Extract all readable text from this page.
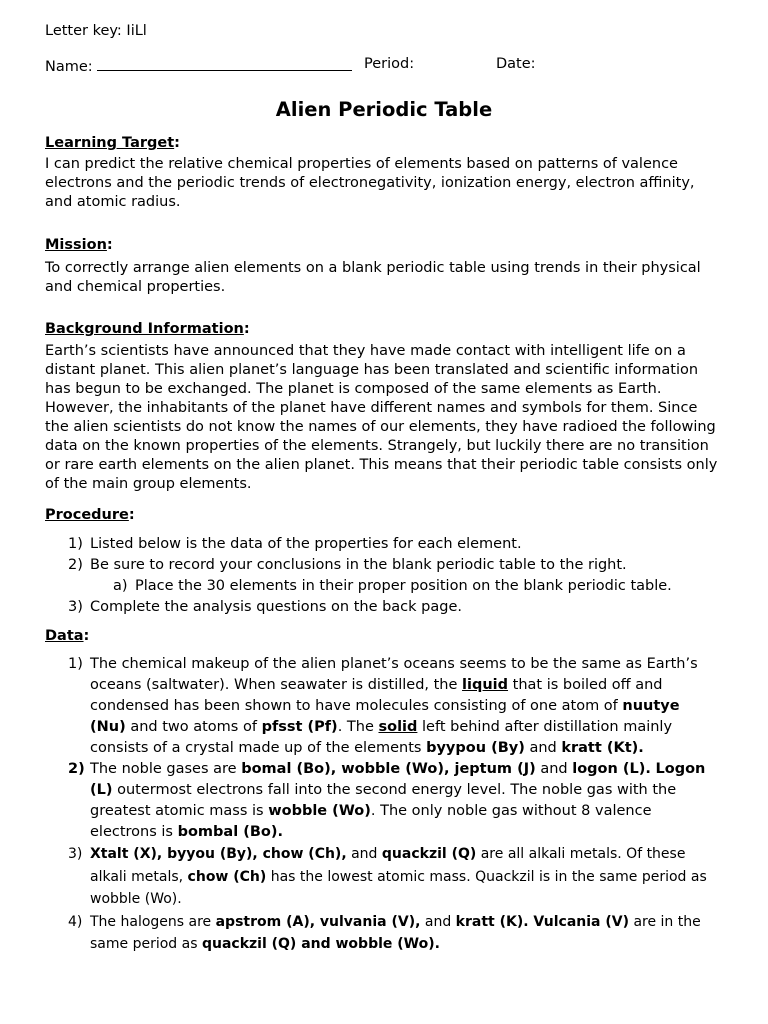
Letter key: IiLl
Name:	Period:	Date:
Alien Periodic Table
Learning Target:
I can predict the relative chemical properties of elements based on patterns of valence electrons and the periodic trends of electronegativity, ionization energy, electron affinity, and atomic radius.
Mission:
To correctly arrange alien elements on a blank periodic table using trends in their physical and chemical properties.
Background Information:
Earth’s scientists have announced that they have made contact with intelligent life on a distant planet. This alien planet’s language has been translated and scientific information has begun to be exchanged. The planet is composed of the same elements as Earth. However, the inhabitants of the planet have different names and symbols for them. Since the alien scientists do not know the names of our elements, they have radioed the following data on the known properties of the elements. Strangely, but luckily there are no transition or rare earth elements on the alien planet. This means that their periodic table consists only of the main group elements.
Procedure:
1) Listed below is the data of the properties for each element.
2) Be sure to record your conclusions in the blank periodic table to the right.
a) Place the 30 elements in their proper position on the blank periodic table.
3) Complete the analysis questions on the back page.
Data:
1) The chemical makeup of the alien planet’s oceans seems to be the same as Earth’s oceans (saltwater). When seawater is distilled, the liquid that is boiled off and condensed has been shown to have molecules consisting of one atom of nuutye (Nu) and two atoms of pfsst (Pf). The solid left behind after distillation mainly consists of a crystal made up of the elements byypou (By) and kratt (Kt).
2) The noble gases are bomal (Bo), wobble (Wo), jeptum (J) and logon (L). Logon (L) outermost electrons fall into the second energy level. The noble gas with the greatest atomic mass is wobble (Wo). The only noble gas without 8 valence electrons is bombal (Bo).
3) Xtalt (X), byyou (By), chow (Ch), and quackzil (Q) are all alkali metals. Of these alkali metals, chow (Ch) has the lowest atomic mass. Quackzil is in the same period as wobble (Wo).
4) The halogens are apstrom (A), vulvania (V), and kratt (K). Vulcania (V) are in the same period as quackzil (Q) and wobble (Wo).
